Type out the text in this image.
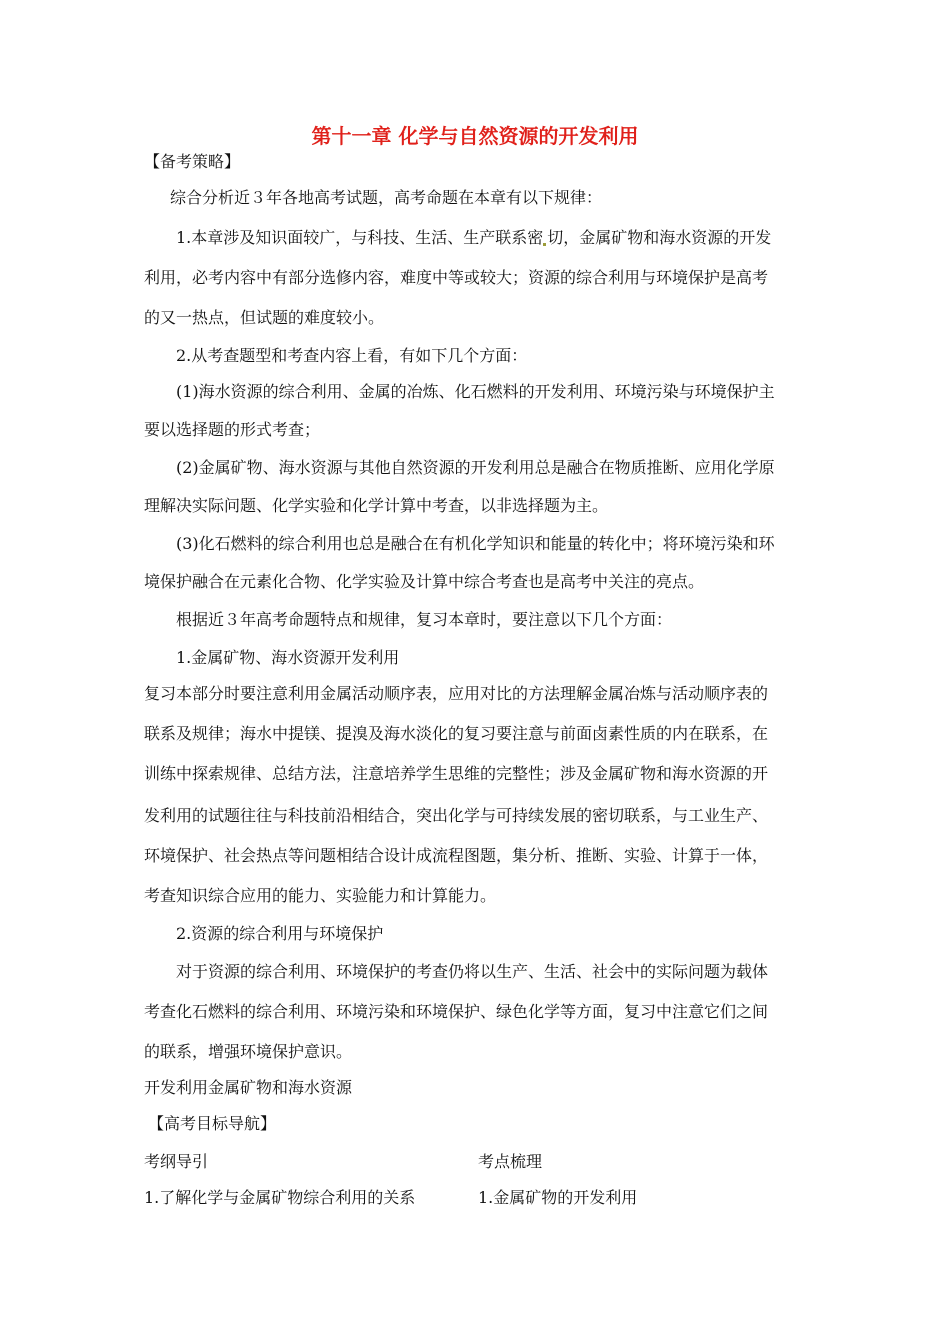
第十一章 化学与自然资源的开发利用
【备考策略】
综合分析近３年各地高考试题，高考命题在本章有以下规律：
1.本章涉及知识面较广，与科技、生活、生产联系密 切，金属矿物和海水资源的开发
利用，必考内容中有部分选修内容，难度中等或较大；资源的综合利用与环境保护是高考
的又一热点，但试题的难度较小。
2.从考查题型和考查内容上看，有如下几个方面：
(1)海水资源的综合利用、金属的冶炼、化石燃料的开发利用、环境污染与环境保护主
要以选择题的形式考查；
(2)金属矿物、海水资源与其他自然资源的开发利用总是融合在物质推断、应用化学原
理解决实际问题、化学实验和化学计算中考查，以非选择题为主。
(3)化石燃料的综合利用也总是融合在有机化学知识和能量的转化中；将环境污染和环
境保护融合在元素化合物、化学实验及计算中综合考查也是高考中关注的亮点。
根据近３年高考命题特点和规律，复习本章时，要注意以下几个方面：
1.金属矿物、海水资源开发利用
复习本部分时要注意利用金属活动顺序表，应用对比的方法理解金属冶炼与活动顺序表的
联系及规律；海水中提镁、提溴及海水淡化的复习要注意与前面卤素性质的内在联系，在
训练中探索规律、总结方法，注意培养学生思维的完整性；涉及金属矿物和海水资源的开
发利用的试题往往与科技前沿相结合，突出化学与可持续发展的密切联系，与工业生产、
环境保护、社会热点等问题相结合设计成流程图题，集分析、推断、实验、计算于一体，
考查知识综合应用的能力、实验能力和计算能力。
2.资源的综合利用与环境保护
对于资源的综合利用、环境保护的考查仍将以生产、生活、社会中的实际问题为载体
考查化石燃料的综合利用、环境污染和环境保护、绿色化学等方面，复习中注意它们之间
的联系，增强环境保护意识。
开发利用金属矿物和海水资源
【高考目标导航】
考纲导引	考点梳理
1.了解化学与金属矿物综合利用的关系	1.金属矿物的开发利用
